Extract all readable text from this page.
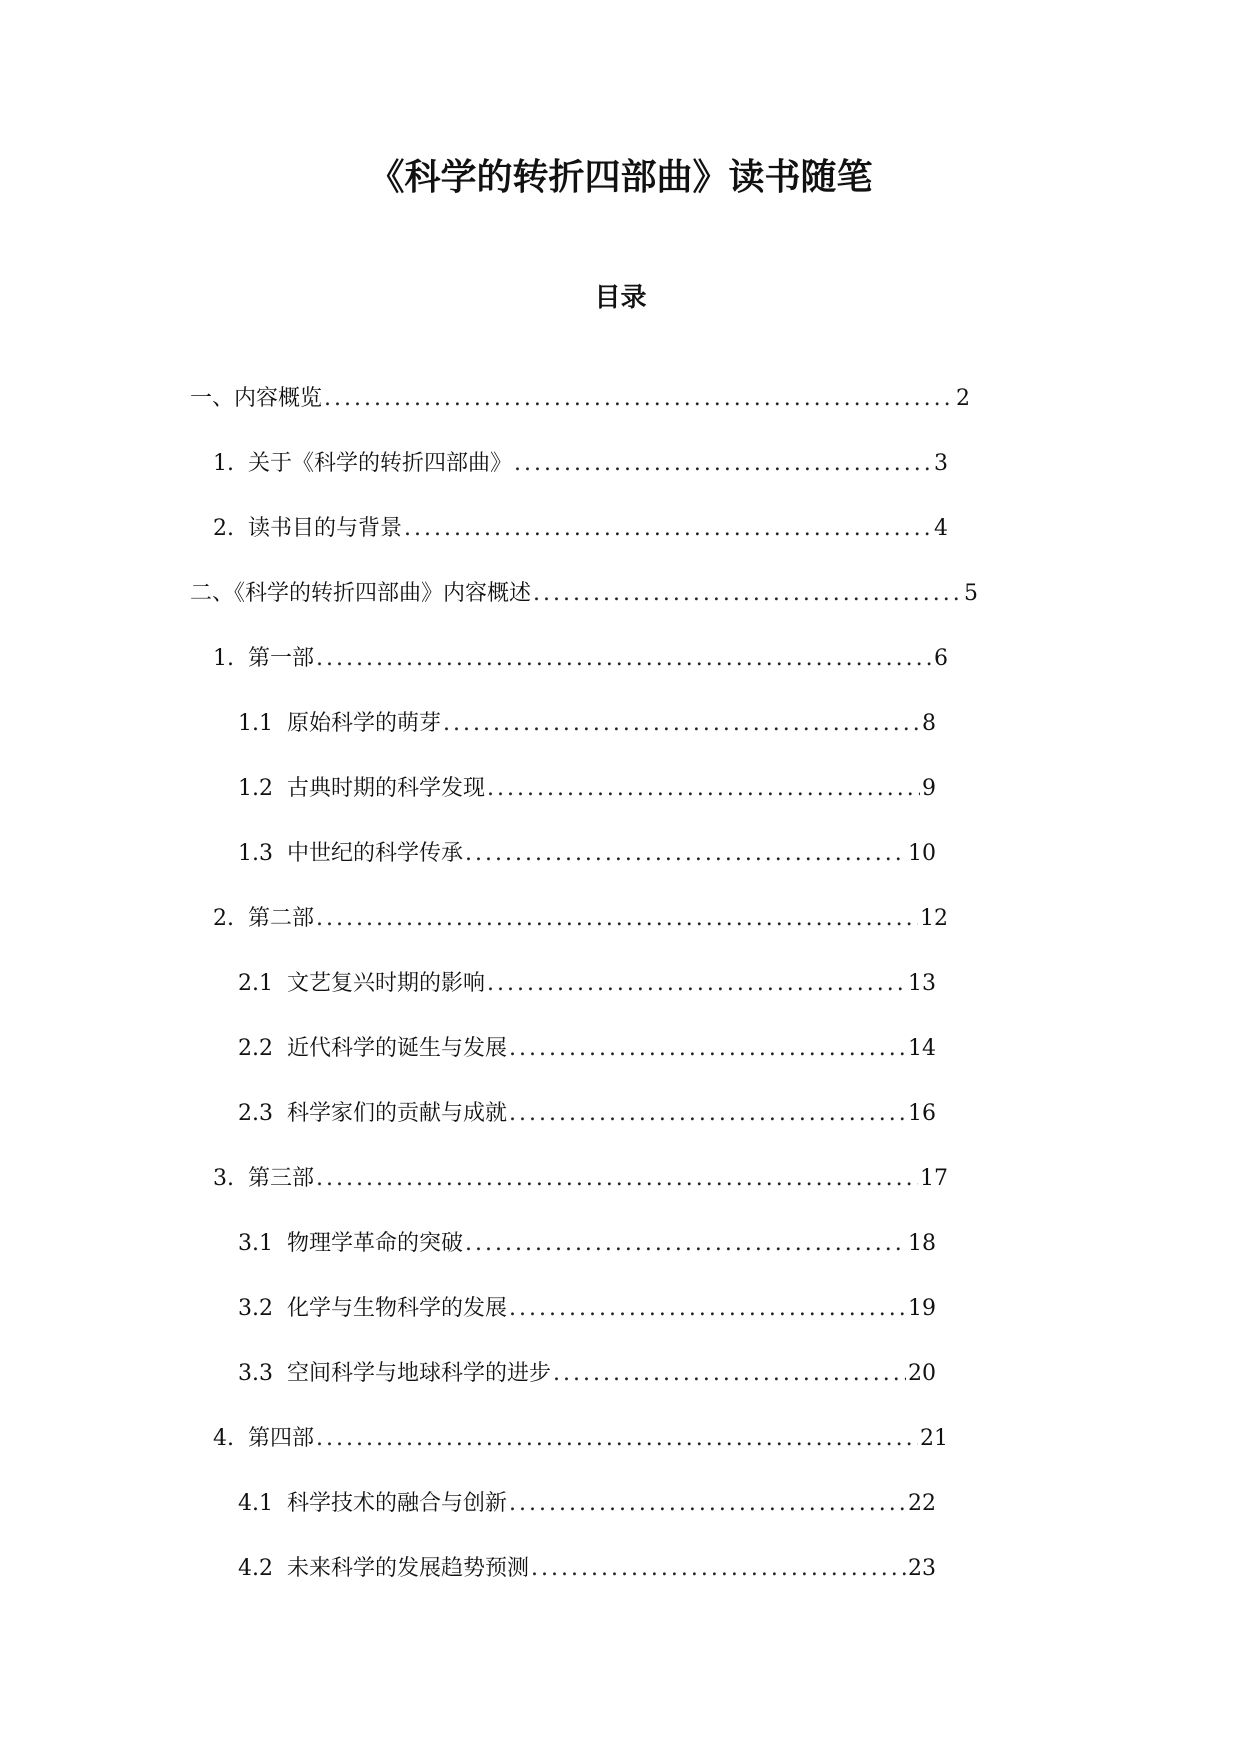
《科学的转折四部曲》读书随笔
目录
一、内容概览 .....	2
1. 关于《科学的转折四部曲》 .....	3
2. 读书目的与背景 .....	4
二、《科学的转折四部曲》内容概述 .....	5
1. 第一部 .....	6
1.1 原始科学的萌芽 .....	8
1.2 古典时期的科学发现 .....	9
1.3 中世纪的科学传承 .....	10
2. 第二部 .....	12
2.1 文艺复兴时期的影响 .....	13
2.2 近代科学的诞生与发展 .....	14
2.3 科学家们的贡献与成就 .....	16
3. 第三部 .....	17
3.1 物理学革命的突破 .....	18
3.2 化学与生物科学的发展 .....	19
3.3 空间科学与地球科学的进步 .....	20
4. 第四部 .....	21
4.1 科学技术的融合与创新 .....	22
4.2 未来科学的发展趋势预测 .....	23
